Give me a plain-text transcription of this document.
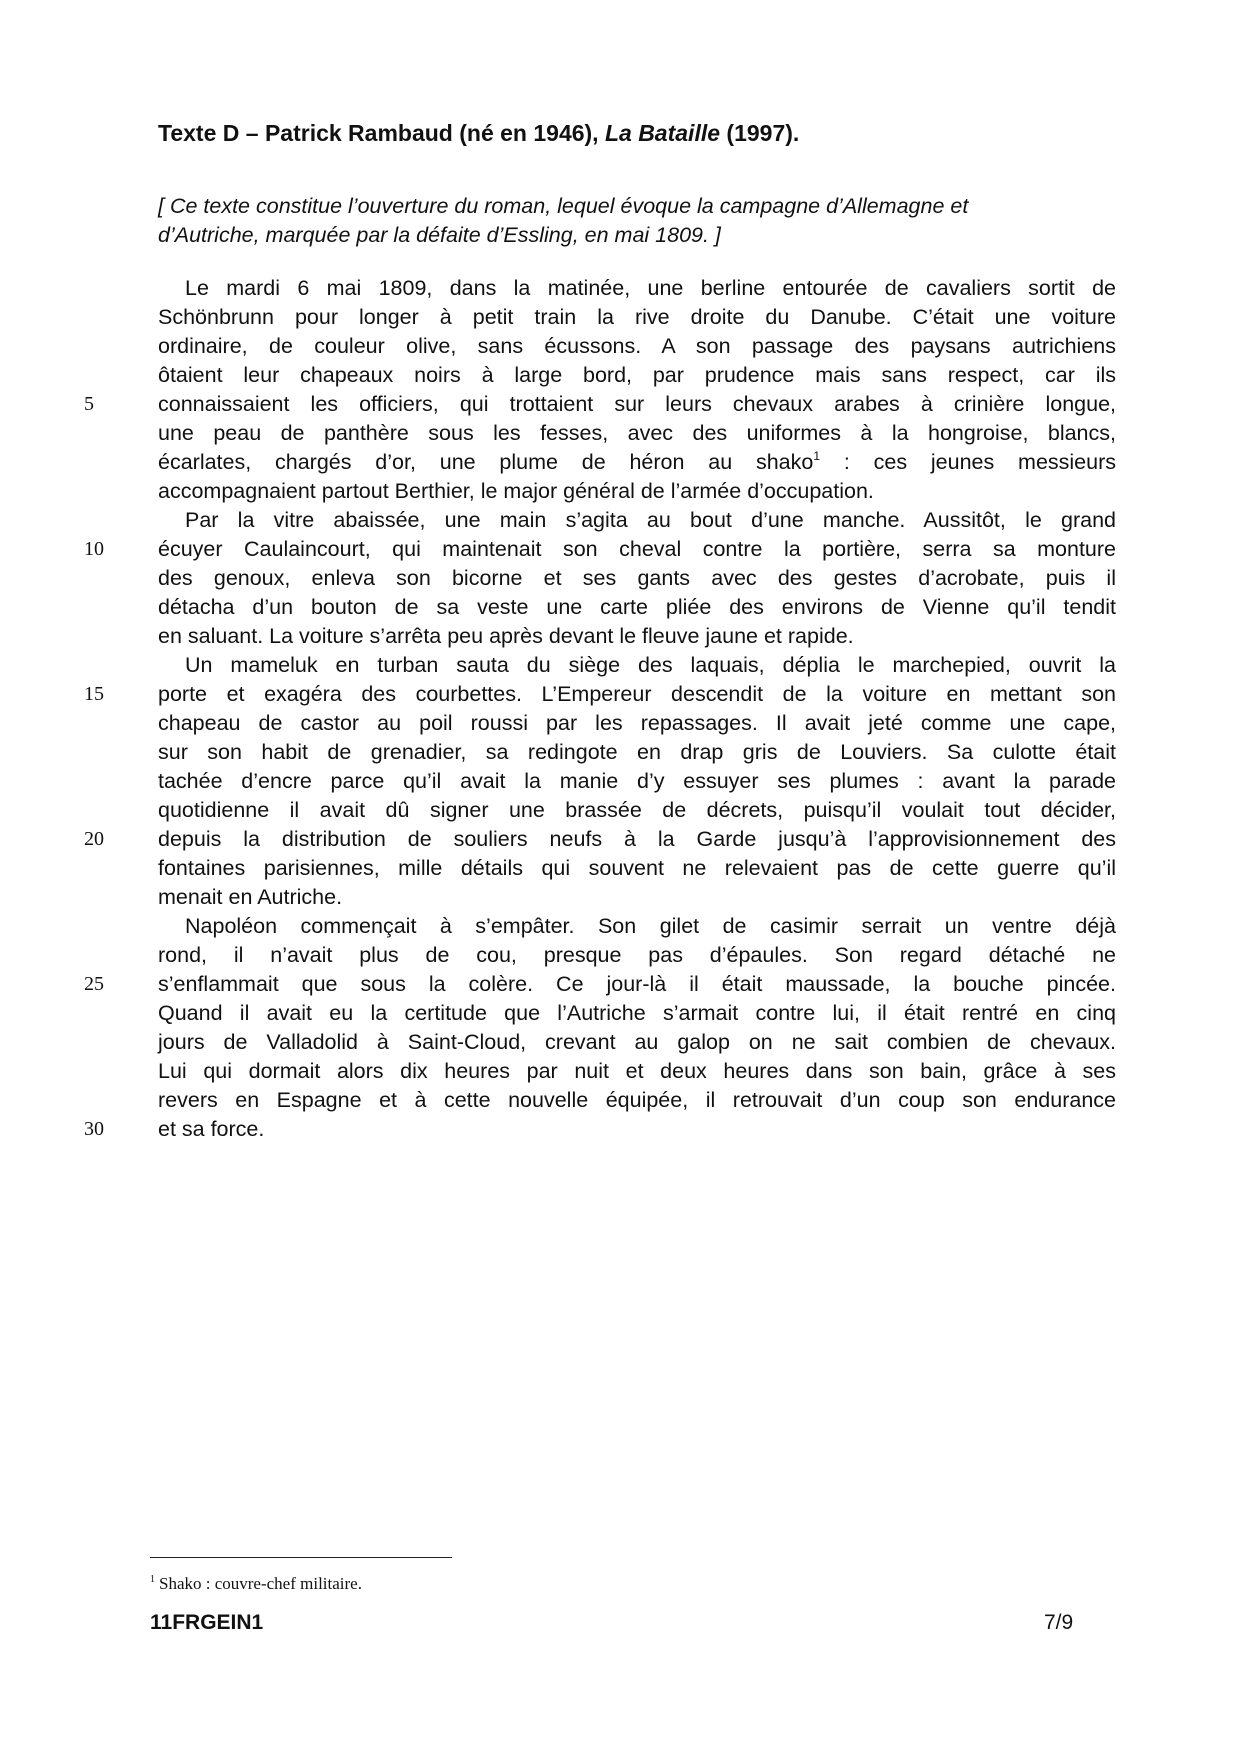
Texte D – Patrick Rambaud (né en 1946), La Bataille (1997).
[ Ce texte constitue l’ouverture du roman, lequel évoque la campagne d’Allemagne et
d’Autriche, marquée par la défaite d’Essling, en mai 1809. ]
Le mardi 6 mai 1809, dans la matinée, une berline entourée de cavaliers sortit de
Schönbrunn pour longer à petit train la rive droite du Danube. C’était une voiture
ordinaire, de couleur olive, sans écussons. A son passage des paysans autrichiens
ôtaient leur chapeaux noirs à large bord, par prudence mais sans respect, car ils
5	connaissaient les officiers, qui trottaient sur leurs chevaux arabes à crinière longue,
une peau de panthère sous les fesses, avec des uniformes à la hongroise, blancs,
écarlates, chargés d’or, une plume de héron au shako$^1$ : ces jeunes messieurs
accompagnaient partout Berthier, le major général de l’armée d’occupation.
Par la vitre abaissée, une main s’agita au bout d’une manche. Aussitôt, le grand
10	écuyer Caulaincourt, qui maintenait son cheval contre la portière, serra sa monture
des genoux, enleva son bicorne et ses gants avec des gestes d’acrobate, puis il
détacha d’un bouton de sa veste une carte pliée des environs de Vienne qu’il tendit
en saluant. La voiture s’arrêta peu après devant le fleuve jaune et rapide.
Un mameluk en turban sauta du siège des laquais, déplia le marchepied, ouvrit la
15	porte et exagéra des courbettes. L’Empereur descendit de la voiture en mettant son
chapeau de castor au poil roussi par les repassages. Il avait jeté comme une cape,
sur son habit de grenadier, sa redingote en drap gris de Louviers. Sa culotte était
tachée d’encre parce qu’il avait la manie d’y essuyer ses plumes : avant la parade
quotidienne il avait dû signer une brassée de décrets, puisqu’il voulait tout décider,
20	depuis la distribution de souliers neufs à la Garde jusqu’à l’approvisionnement des
fontaines parisiennes, mille détails qui souvent ne relevaient pas de cette guerre qu’il
menait en Autriche.
Napoléon commençait à s’empâter. Son gilet de casimir serrait un ventre déjà
rond, il n’avait plus de cou, presque pas d’épaules. Son regard détaché ne
25	s’enflammait que sous la colère. Ce jour-là il était maussade, la bouche pincée.
Quand il avait eu la certitude que l’Autriche s’armait contre lui, il était rentré en cinq
jours de Valladolid à Saint-Cloud, crevant au galop on ne sait combien de chevaux.
Lui qui dormait alors dix heures par nuit et deux heures dans son bain, grâce à ses
revers en Espagne et à cette nouvelle équipée, il retrouvait d’un coup son endurance
30	et sa force.
$^1$ Shako : couvre-chef militaire.
11FRGEIN1	7/9
